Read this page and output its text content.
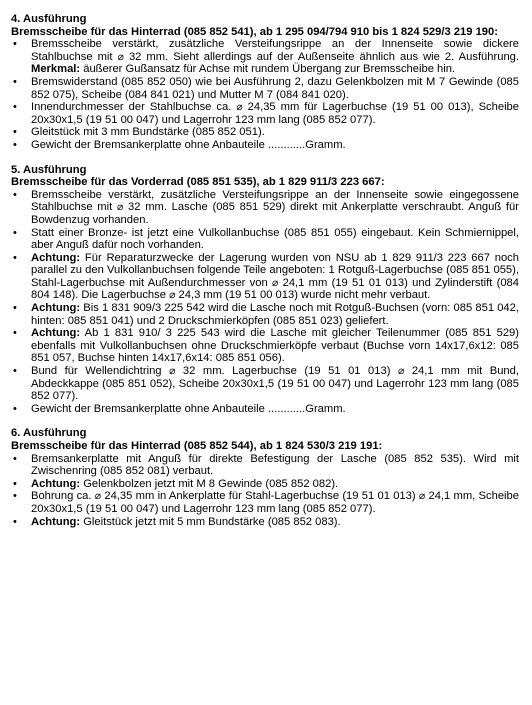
4. Ausführung
Bremsscheibe für das Hinterrad (085 852 541), ab 1 295 094/794 910 bis 1 824 529/3 219 190:
• Bremsscheibe verstärkt, zusätzliche Versteifungsrippe an der Innenseite sowie dickere Stahlbuchse mit ⌀ 32 mm. Sieht allerdings auf der Außenseite ähnlich aus wie 2. Ausführung. Merkmal: äußerer Gußansatz für Achse mit rundem Übergang zur Bremsscheibe hin.
• Bremswiderstand (085 852 050) wie bei Ausführung 2, dazu Gelenkbolzen mit M 7 Gewinde (085 852 075), Scheibe (084 841 021) und Mutter M 7 (084 841 020).
• Innendurchmesser der Stahlbuchse ca. ⌀ 24,35 mm für Lagerbuchse (19 51 00 013), Scheibe 20x30x1,5 (19 51 00 047) und Lagerrohr 123 mm lang (085 852 077).
• Gleitstück mit 3 mm Bundstärke (085 852 051).
• Gewicht der Bremsankerplatte ohne Anbauteile ............Gramm.
5. Ausführung
Bremsscheibe für das Vorderrad (085 851 535), ab 1 829 911/3 223 667:
• Bremsscheibe verstärkt, zusätzliche Versteifungsrippe an der Innenseite sowie eingegossene Stahlbuchse mit ⌀ 32 mm. Lasche (085 851 529) direkt mit Ankerplatte verschraubt. Anguß für Bowdenzug vorhanden.
• Statt einer Bronze- ist jetzt eine Vulkollanbuchse (085 851 055) eingebaut. Kein Schmiernippel, aber Anguß dafür noch vorhanden.
• Achtung: Für Reparaturzwecke der Lagerung wurden von NSU ab 1 829 911/3 223 667 noch parallel zu den Vulkollanbuchsen folgende Teile angeboten: 1 Rotguß-Lagerbuchse (085 851 055), Stahl-Lagerbuchse mit Außendurchmesser von ⌀ 24,1 mm (19 51 01 013) und Zylinderstift (084 804 148). Die Lagerbuchse ⌀ 24,3 mm (19 51 00 013) wurde nicht mehr verbaut.
• Achtung: Bis 1 831 909/3 225 542 wird die Lasche noch mit Rotguß-Buchsen (vorn: 085 851 042, hinten: 085 851 041) und 2 Druckschmierköpfen (085 851 023) geliefert.
• Achtung: Ab 1 831 910/ 3 225 543 wird die Lasche mit gleicher Teilenummer (085 851 529) ebenfalls mit Vulkollanbuchsen ohne Druckschmierköpfe verbaut (Buchse vorn 14x17,6x12: 085 851 057, Buchse hinten 14x17,6x14: 085 851 056).
• Bund für Wellendichtring ⌀ 32 mm. Lagerbuchse (19 51 01 013) ⌀ 24,1 mm mit Bund, Abdeckkappe (085 851 052), Scheibe 20x30x1,5 (19 51 00 047) und Lagerrohr 123 mm lang (085 852 077).
• Gewicht der Bremsankerplatte ohne Anbauteile ............Gramm.
6. Ausführung
Bremsscheibe für das Hinterrad (085 852 544), ab 1 824 530/3 219 191:
• Bremsankerplatte mit Anguß für direkte Befestigung der Lasche (085 852 535). Wird mit Zwischenring (085 852 081) verbaut.
• Achtung: Gelenkbolzen jetzt mit M 8 Gewinde (085 852 082).
• Bohrung ca. ⌀ 24,35 mm in Ankerplatte für Stahl-Lagerbuchse (19 51 01 013) ⌀ 24,1 mm, Scheibe 20x30x1,5 (19 51 00 047) und Lagerrohr 123 mm lang (085 852 077).
• Achtung: Gleitstück jetzt mit 5 mm Bundstärke (085 852 083).
